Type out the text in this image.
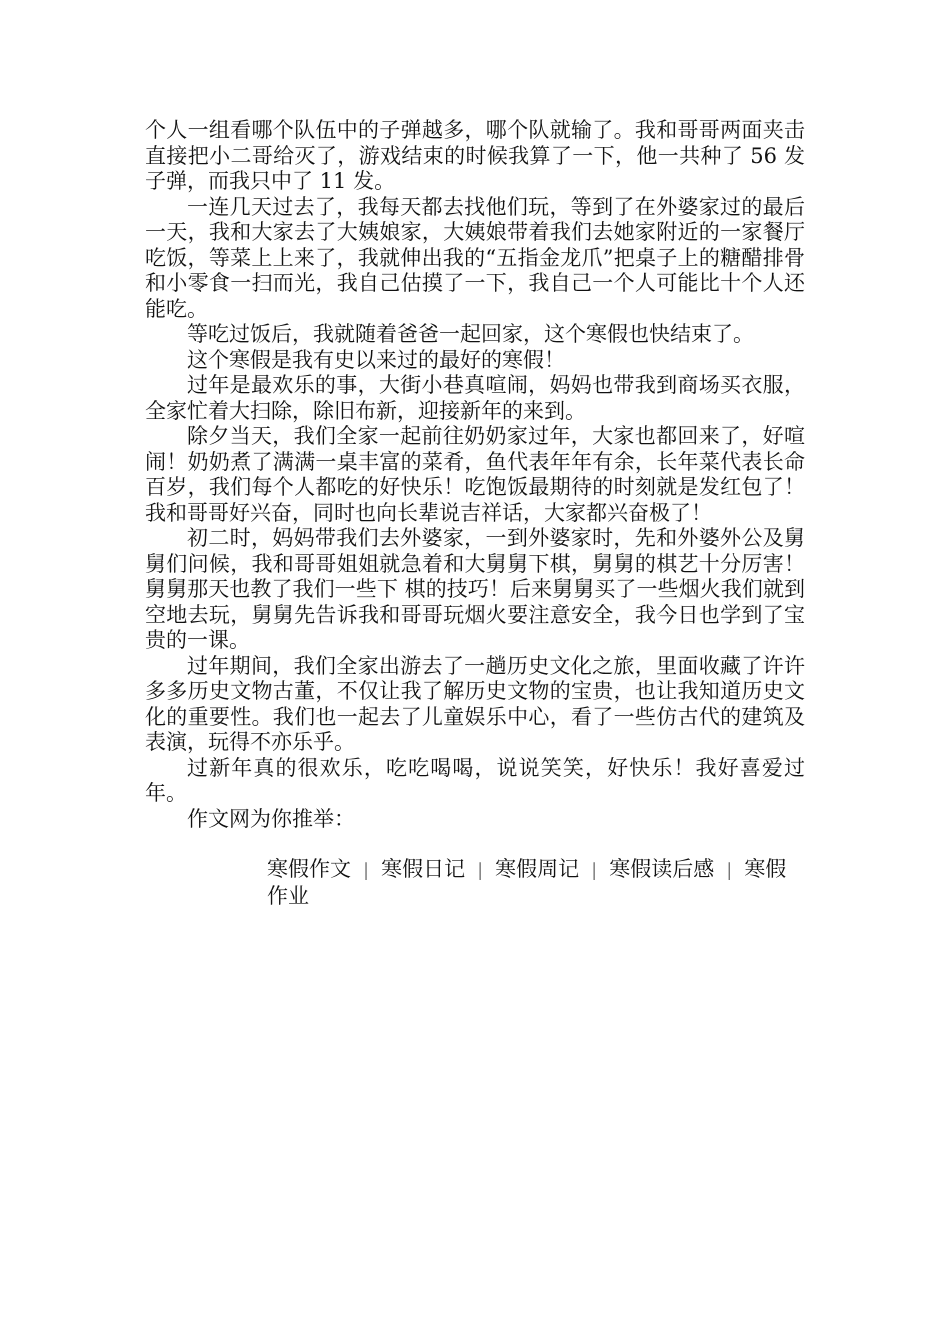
个人一组看哪个队伍中的子弹越多，哪个队就输了。我和哥哥两面夹击直接把小二哥给灭了，游戏结束的时候我算了一下，他一共种了 56 发子弹，而我只中了 11 发。

一连几天过去了，我每天都去找他们玩，等到了在外婆家过的最后一天，我和大家去了大姨娘家，大姨娘带着我们去她家附近的一家餐厅吃饭，等菜上上来了，我就伸出我的“五指金龙爪”把桌子上的糖醋排骨和小零食一扫而光，我自己估摸了一下，我自己一个人可能比十个人还能吃。

等吃过饭后，我就随着爸爸一起回家，这个寒假也快结束了。

这个寒假是我有史以来过的最好的寒假！

过年是最欢乐的事，大街小巷真喧闹，妈妈也带我到商场买衣服，全家忙着大扫除，除旧布新，迎接新年的来到。

除夕当天，我们全家一起前往奶奶家过年，大家也都回来了，好喧闹！奶奶煮了满满一桌丰富的菜肴，鱼代表年年有余，长年菜代表长命百岁，我们每个人都吃的好快乐！吃饱饭最期待的时刻就是发红包了！我和哥哥好兴奋，同时也向长辈说吉祥话，大家都兴奋极了！

初二时，妈妈带我们去外婆家，一到外婆家时，先和外婆外公及舅舅们问候，我和哥哥姐姐就急着和大舅舅下棋，舅舅的棋艺十分厉害！舅舅那天也教了我们一些下 棋的技巧！后来舅舅买了一些烟火我们就到空地去玩，舅舅先告诉我和哥哥玩烟火要注意安全，我今日也学到了宝贵的一课。

过年期间，我们全家出游去了一趟历史文化之旅，里面收藏了许许多多历史文物古董，不仅让我了解历史文物的宝贵，也让我知道历史文化的重要性。我们也一起去了儿童娱乐中心，看了一些仿古代的建筑及表演，玩得不亦乐乎。

过新年真的很欢乐，吃吃喝喝，说说笑笑，好快乐！我好喜爱过年。

作文网为你推举：

寒假作文 | 寒假日记 | 寒假周记 | 寒假读后感 | 寒假作业
